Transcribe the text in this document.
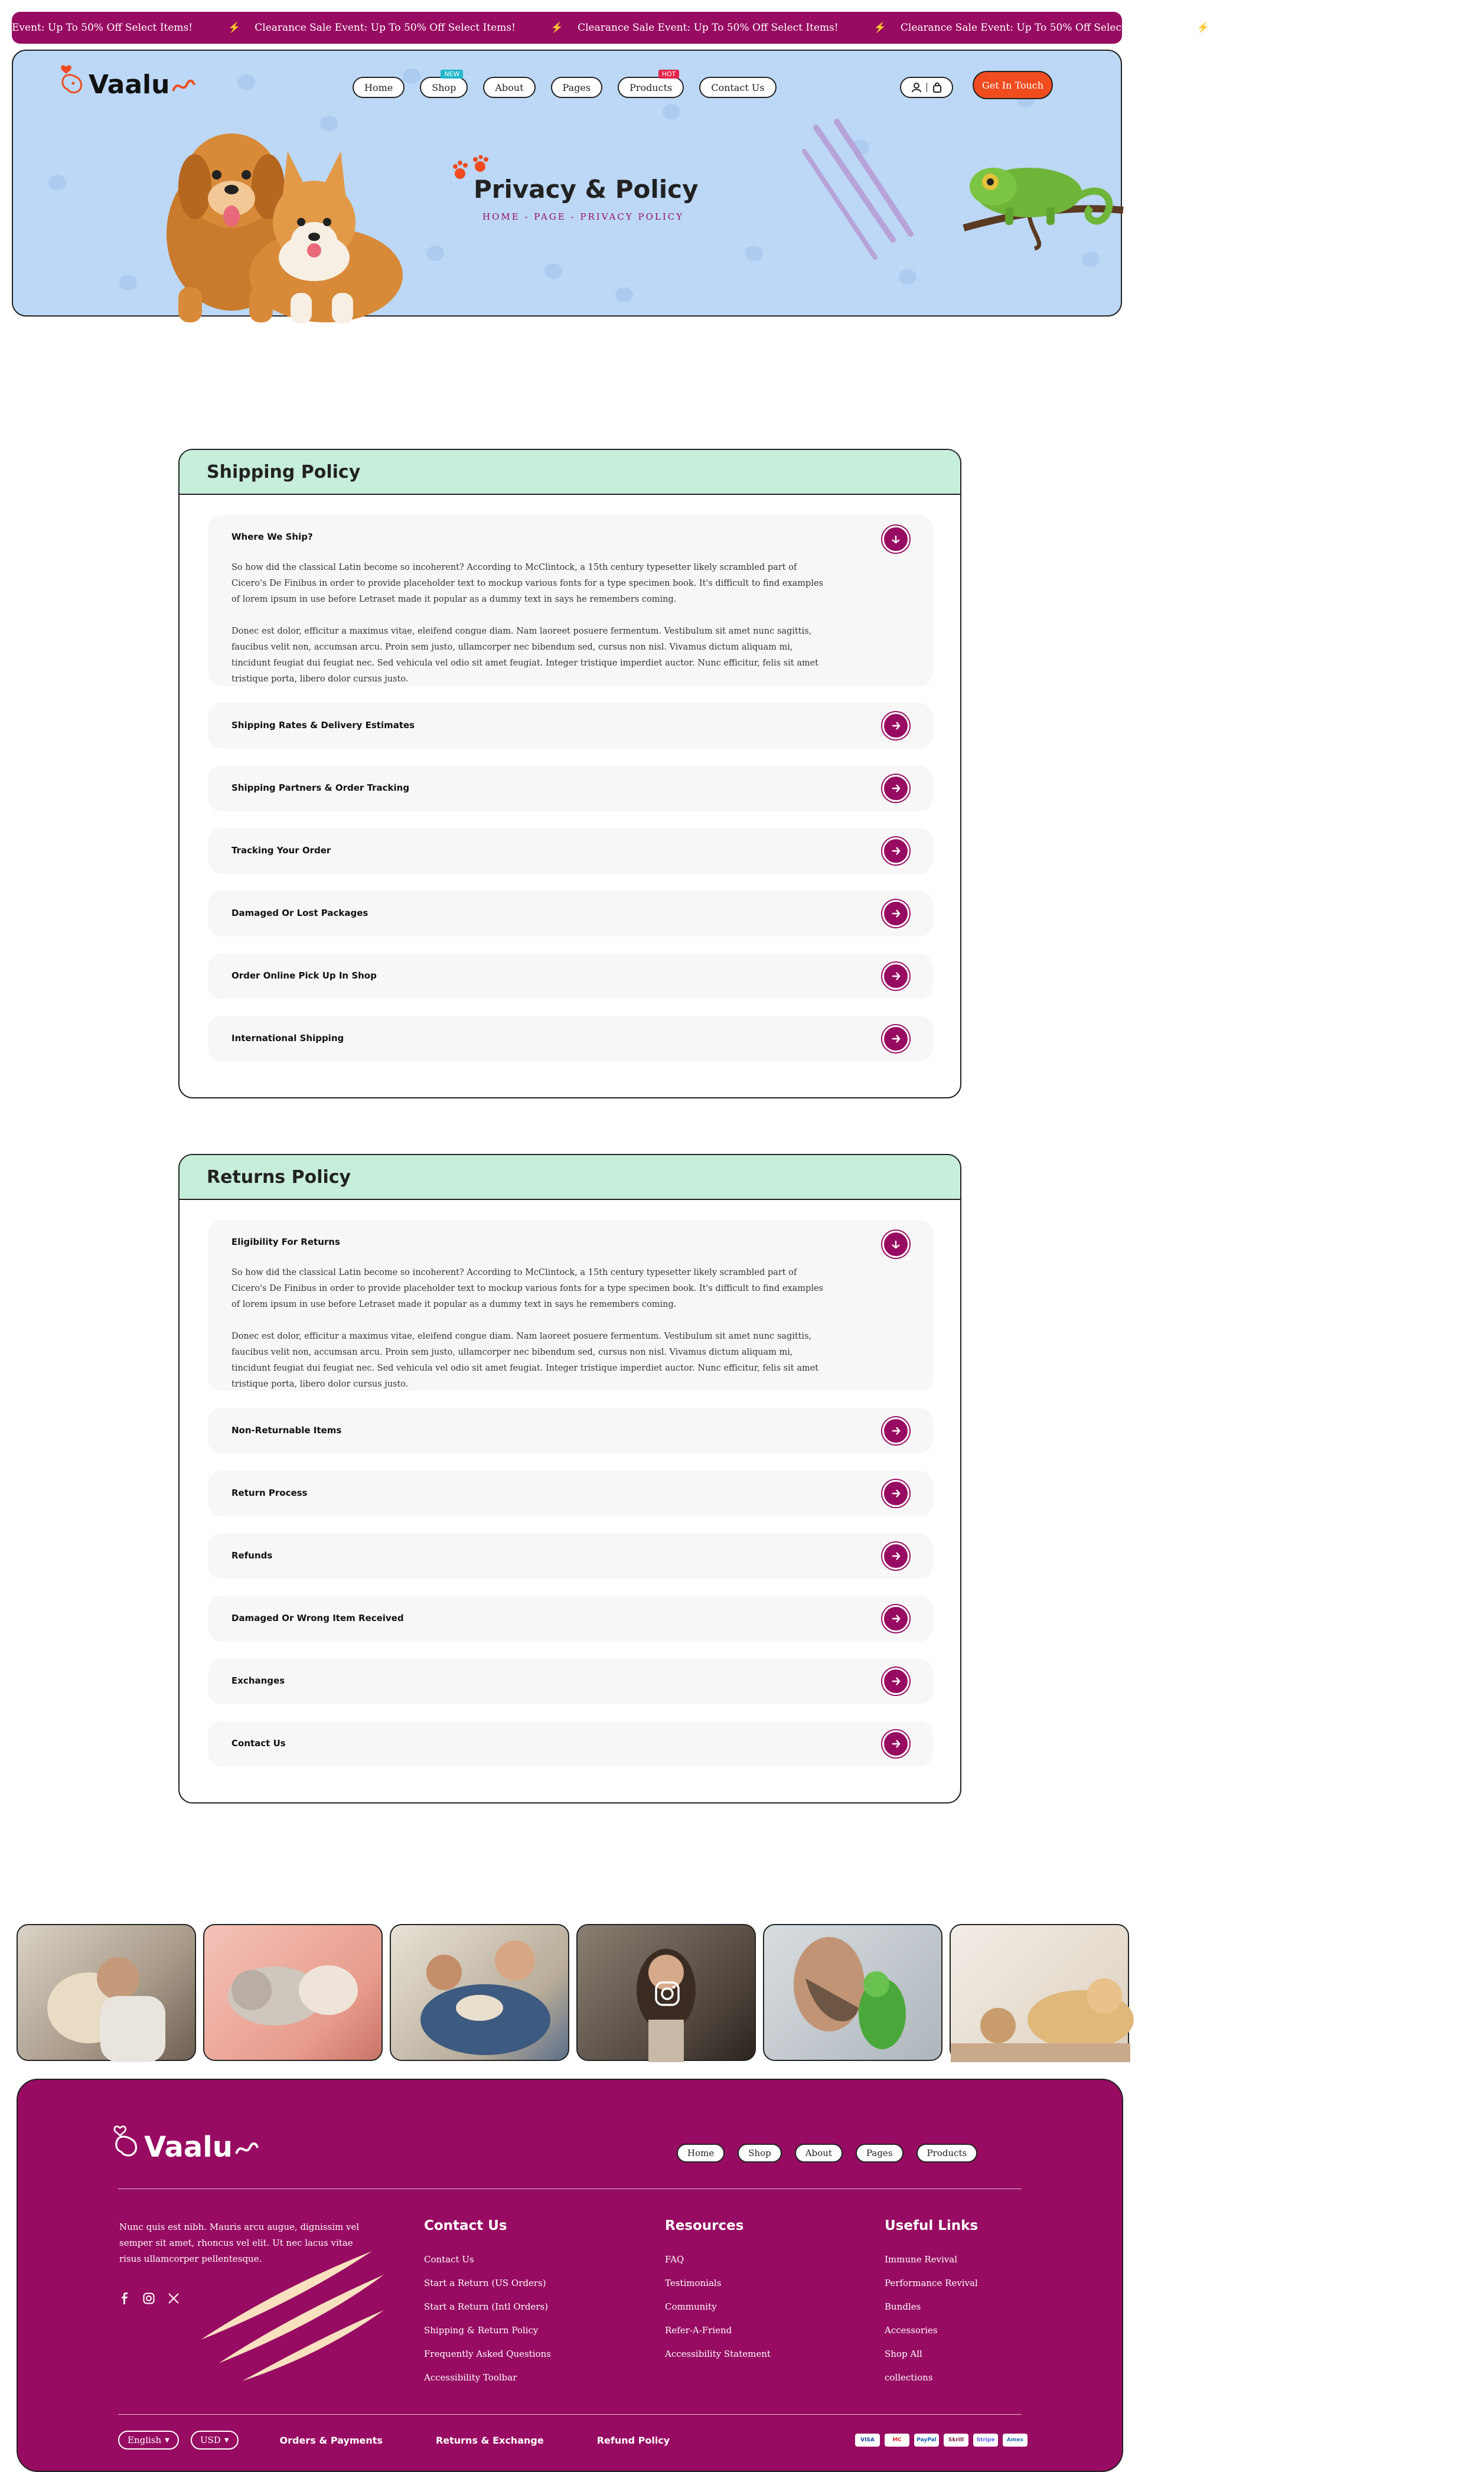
Event: Up To 50% Off Select Items!	⚡ Clearance Sale Event: Up To 50% Off Select Items!	⚡ Clearance Sale Event: Up To 50% Off Select Items!	⚡ Clearance Sale Event: Up To 50% Off Select Items!	⚡ Clearance Sale Event: Up To 50% Off Select Items!
Vaalu	Home	Shop
NEW
About	Pages	Products
HOT
Contact Us	Get In Touch
Privacy & Policy
HOME - PAGE - PRIVACY POLICY
Shipping Policy
Where We Ship?

So how did the classical Latin become so incoherent? According to McClintock, a 15th century typesetter likely scrambled part of Cicero's De Finibus in order to provide placeholder text to mockup various fonts for a type specimen book. It's difficult to find examples of lorem ipsum in use before Letraset made it popular as a dummy text in says he remembers coming.

Donec est dolor, efficitur a maximus vitae, eleifend congue diam. Nam laoreet posuere fermentum. Vestibulum sit amet nunc sagittis, faucibus velit non, accumsan arcu. Proin sem justo, ullamcorper nec bibendum sed, cursus non nisl. Vivamus dictum aliquam mi, tincidunt feugiat dui feugiat nec. Sed vehicula vel odio sit amet feugiat. Integer tristique imperdiet auctor. Nunc efficitur, felis sit amet tristique porta, libero dolor cursus justo.

Shipping Rates & Delivery Estimates
Shipping Partners & Order Tracking
Tracking Your Order
Damaged Or Lost Packages
Order Online Pick Up In Shop
International Shipping
Returns Policy
Eligibility For Returns

So how did the classical Latin become so incoherent? According to McClintock, a 15th century typesetter likely scrambled part of Cicero's De Finibus in order to provide placeholder text to mockup various fonts for a type specimen book. It's difficult to find examples of lorem ipsum in use before Letraset made it popular as a dummy text in says he remembers coming.

Donec est dolor, efficitur a maximus vitae, eleifend congue diam. Nam laoreet posuere fermentum. Vestibulum sit amet nunc sagittis, faucibus velit non, accumsan arcu. Proin sem justo, ullamcorper nec bibendum sed, cursus non nisl. Vivamus dictum aliquam mi, tincidunt feugiat dui feugiat nec. Sed vehicula vel odio sit amet feugiat. Integer tristique imperdiet auctor. Nunc efficitur, felis sit amet tristique porta, libero dolor cursus justo.

Non-Returnable Items
Return Process
Refunds
Damaged Or Wrong Item Received
Exchanges
Contact Us
Vaalu	Home	Shop	About	Pages	Products
Nunc quis est nibh. Mauris arcu augue, dignissim vel semper sit amet, rhoncus vel elit. Ut nec lacus vitae risus ullamcorper pellentesque.
Contact Us
Contact Us
Start a Return (US Orders)
Start a Return (Intl Orders)
Shipping & Return Policy
Frequently Asked Questions
Accessibility Toolbar
Resources
FAQ
Testimonials
Community
Refer-A-Friend
Accessibility Statement
Useful Links
Immune Revival
Performance Revival
Bundles
Accessories
Shop All
collections
English ▼	USD ▼	Orders & Payments	Returns & Exchange	Refund Policy	VISA	MC	PayPal	Skrill	Stripe	Amex
